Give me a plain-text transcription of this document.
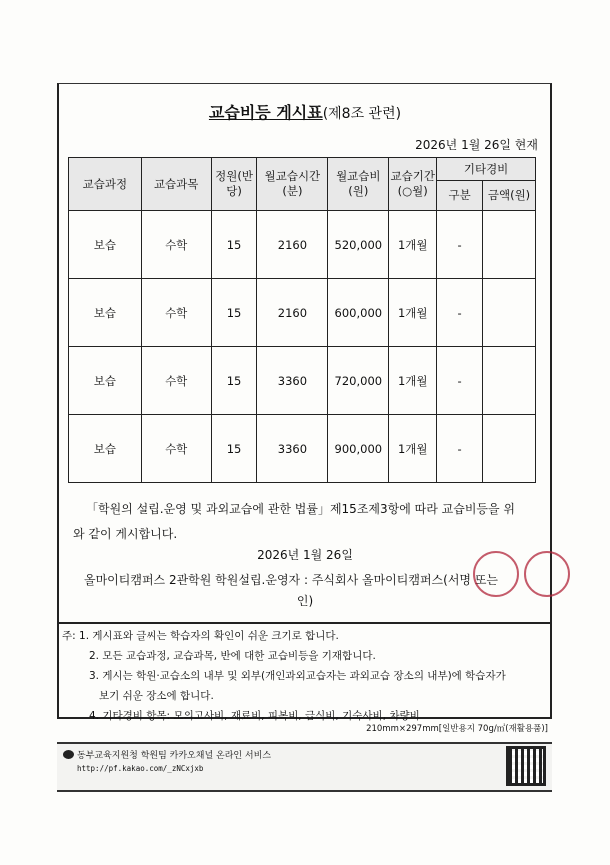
교습비등 게시표(제8조 관련)
2026년 1월 26일 현재
교습과정	교습과목	정원(반당)	월교습시간(분)	월교습비(원)	교습기간(○월)	기타경비	
						구분	금액(원)
보습	수학	15	2160	520,000	1개월	-	
보습	수학	15	2160	600,000	1개월	-	
보습	수학	15	3360	720,000	1개월	-	
보습	수학	15	3360	900,000	1개월	-	
「학원의 설립.운영 및 과외교습에 관한 법률」제15조제3항에 따라 교습비등을 위
와 같이 게시합니다.
2026년 1월 26일
올마이티캠퍼스 2관학원 학원설립.운영자 : 주식회사 올마이티캠퍼스(서명 또는
인)
주: 1. 게시표와 글씨는 학습자의 확인이 쉬운 크기로 합니다.
2. 모든 교습과정, 교습과목, 반에 대한 교습비등을 기재합니다.
3. 게시는 학원·교습소의 내부 및 외부(개인과외교습자는 과외교습 장소의 내부)에 학습자가
보기 쉬운 장소에 합니다.
4. 기타경비 항목: 모의고사비, 재료비, 피복비, 급식비, 기숙사비, 차량비
210mm×297mm[일반용지 70g/㎡(재활용품)]
동부교육지원청 학원팀 카카오채널 온라인 서비스
http://pf.kakao.com/_zNCxjxb
